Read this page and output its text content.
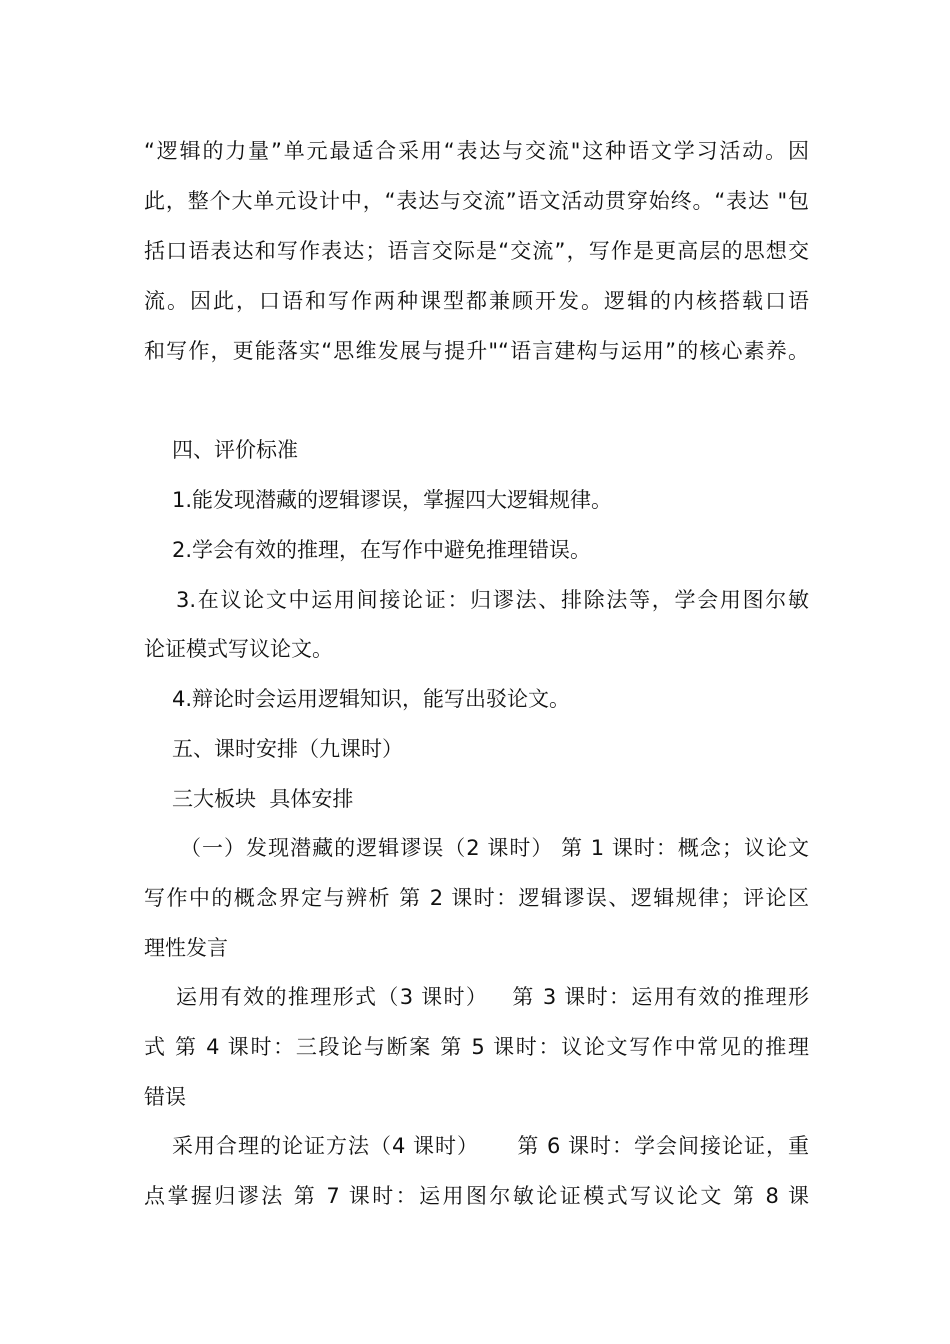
“逻辑的力量”单元最适合采用“表达与交流"这种语文学习活动。因
此，整个大单元设计中，“表达与交流”语文活动贯穿始终。“表达 "包
括口语表达和写作表达；语言交际是“交流”，写作是更高层的思想交
流。因此，口语和写作两种课型都兼顾开发。逻辑的内核搭载口语
和写作，更能落实“思维发展与提升"“语言建构与运用”的核心素养。
四、评价标准
1.能发现潜藏的逻辑谬误，掌握四大逻辑规律。
2.学会有效的推理，在写作中避免推理错误。
3.在议论文中运用间接论证：归谬法、排除法等，学会用图尔敏
论证模式写议论文。
4.辩论时会运用逻辑知识，能写出驳论文。
五、课时安排（九课时）
三大板块  具体安排
（一）发现潜藏的逻辑谬误（2 课时） 第 1 课时：概念；议论文
写作中的概念界定与辨析 第 2 课时：逻辑谬误、逻辑规律；评论区
理性发言
运用有效的推理形式（3 课时）   第 3 课时：运用有效的推理形
式 第 4 课时：三段论与断案 第 5 课时：议论文写作中常见的推理
错误
采用合理的论证方法（4 课时）     第 6 课时：学会间接论证，重
点掌握归谬法 第 7 课时：运用图尔敏论证模式写议论文 第 8 课
